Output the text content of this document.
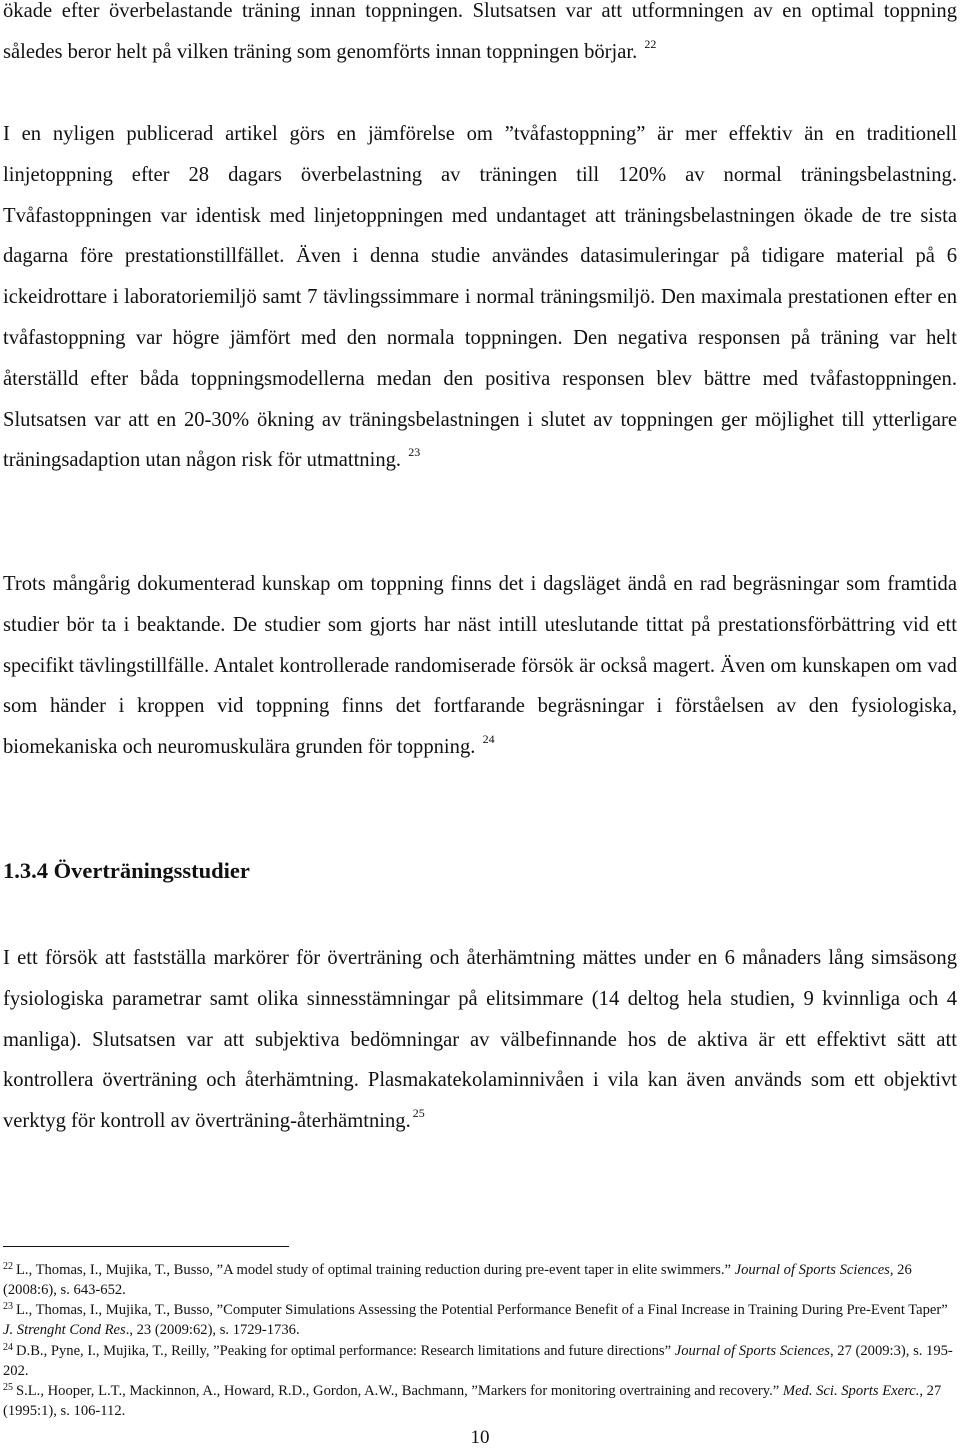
ökade efter överbelastande träning innan toppningen. Slutsatsen var att utformningen av en optimal toppning således beror helt på vilken träning som genomförts innan toppningen börjar. $^{22}$

I en nyligen publicerad artikel görs en jämförelse om ”tvåfastoppning” är mer effektiv än en traditionell linjetoppning efter 28 dagars överbelastning av träningen till 120% av normal träningsbelastning. Tvåfastoppningen var identisk med linjetoppningen med undantaget att träningsbelastningen ökade de tre sista dagarna före prestationstillfället. Även i denna studie användes datasimuleringar på tidigare material på 6 ickeidrottare i laboratoriemiljö samt 7 tävlingssimmare i normal träningsmiljö. Den maximala prestationen efter en tvåfastoppning var högre jämfört med den normala toppningen. Den negativa responsen på träning var helt återställd efter båda toppningsmodellerna medan den positiva responsen blev bättre med tvåfastoppningen. Slutsatsen var att en 20-30% ökning av träningsbelastningen i slutet av toppningen ger möjlighet till ytterligare träningsadaption utan någon risk för utmattning. $^{23}$

Trots mångårig dokumenterad kunskap om toppning finns det i dagsläget ändå en rad begräsningar som framtida studier bör ta i beaktande. De studier som gjorts har näst intill uteslutande tittat på prestationsförbättring vid ett specifikt tävlingstillfälle. Antalet kontrollerade randomiserade försök är också magert. Även om kunskapen om vad som händer i kroppen vid toppning finns det fortfarande begräsningar i förståelsen av den fysiologiska, biomekaniska och neuromuskulära grunden för toppning. $^{24}$

1.3.4 Överträningsstudier

I ett försök att fastställa markörer för överträning och återhämtning mättes under en 6 månaders lång simsäsong fysiologiska parametrar samt olika sinnesstämningar på elitsimmare (14 deltog hela studien, 9 kvinnliga och 4 manliga). Slutsatsen var att subjektiva bedömningar av välbefinnande hos de aktiva är ett effektivt sätt att kontrollera överträning och återhämtning. Plasmakatekolaminnivåen i vila kan även används som ett objektivt verktyg för kontroll av överträning-återhämtning. $^{25}$

$^{22}$ L., Thomas, I., Mujika, T., Busso, ”A model study of optimal training reduction during pre-event taper in elite swimmers.” Journal of Sports Sciences, 26 (2008:6), s. 643-652.

$^{23}$ L., Thomas, I., Mujika, T., Busso, ”Computer Simulations Assessing the Potential Performance Benefit of a Final Increase in Training During Pre-Event Taper” J. Strenght Cond Res., 23 (2009:62), s. 1729-1736.

$^{24}$ D.B., Pyne, I., Mujika, T., Reilly, ”Peaking for optimal performance: Research limitations and future directions” Journal of Sports Sciences, 27 (2009:3), s. 195-202.

$^{25}$ S.L., Hooper, L.T., Mackinnon, A., Howard, R.D., Gordon, A.W., Bachmann, ”Markers for monitoring overtraining and recovery.” Med. Sci. Sports Exerc., 27 (1995:1), s. 106-112.

10
